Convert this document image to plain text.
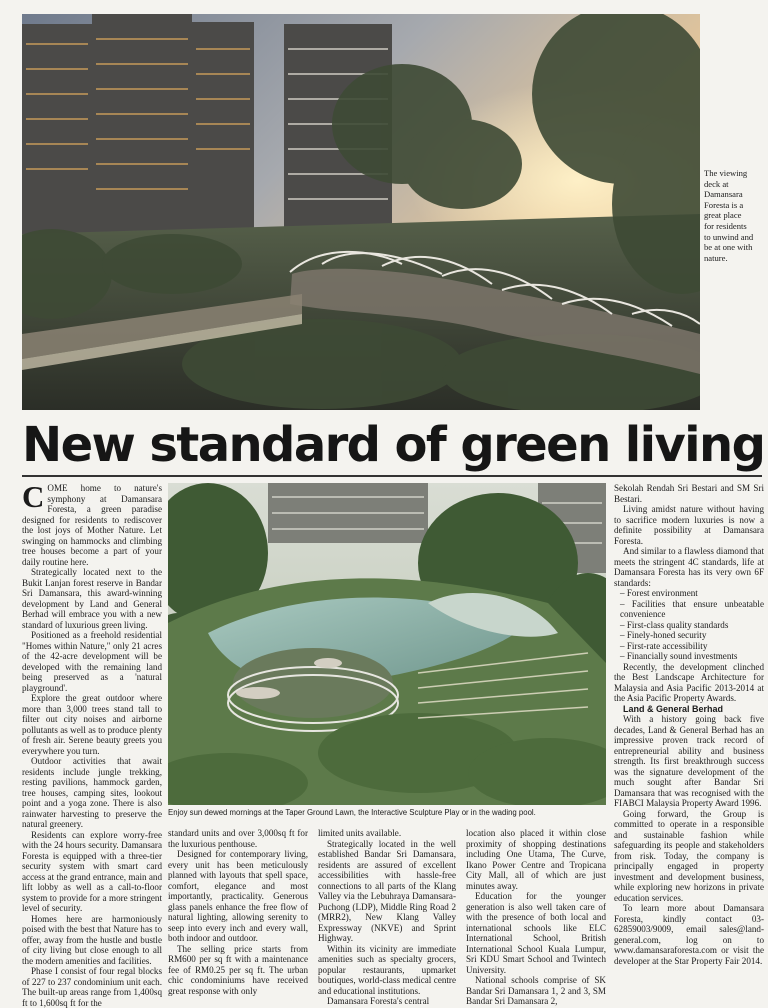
The viewing
deck at
Damansara
Foresta is a
great place
for residents
to unwind and
be at one with
nature.
New standard of green living

COME home to nature's symphony at Damansara Foresta, a green paradise designed for residents to rediscover the lost joys of Mother Nature. Let swinging on hammocks and climbing tree houses become a part of your daily routine here.

Strategically located next to the Bukit Lanjan forest reserve in Bandar Sri Damansara, this award-winning development by Land and General Berhad will embrace you with a new standard of luxurious green living.

Positioned as a freehold residential "Homes within Nature," only 21 acres of the 42-acre development will be developed with the remaining land being preserved as a 'natural playground'.

Explore the great outdoor where more than 3,000 trees stand tall to filter out city noises and airborne pollutants as well as to produce plenty of fresh air. Serene beauty greets you everywhere you turn.

Outdoor activities that await residents include jungle trekking, resting pavilions, hammock garden, tree houses, camping sites, lookout point and a yoga zone. There is also rainwater harvesting to preserve the natural greenery.

Residents can explore worry-free with the 24 hours security. Damansara Foresta is equipped with a three-tier security system with smart card access at the grand entrance, main and lift lobby as well as a call-to-floor system to provide for a more stringent level of security.

Homes here are harmoniously poised with the best that Nature has to offer, away from the hustle and bustle of city living but close enough to all the modern amenities and facilities.

Phase I consist of four regal blocks of 227 to 237 condominium unit each. The built-up areas range from 1,400sq ft to 1,600sq ft for the

Enjoy sun dewed mornings at the Taper Ground Lawn, the Interactive Sculpture Play or in the wading pool.

standard units and over 3,000sq ft for the luxurious penthouse.

Designed for contemporary living, every unit has been meticulously planned with layouts that spell space, comfort, elegance and most importantly, practicality. Generous glass panels enhance the free flow of natural lighting, allowing serenity to seep into every inch and every wall, both indoor and outdoor.

The selling price starts from RM600 per sq ft with a maintenance fee of RM0.25 per sq ft. The urban chic condominiums have received great response with only

limited units available.

Strategically located in the well established Bandar Sri Damansara, residents are assured of excellent accessibilities with hassle-free connections to all parts of the Klang Valley via the Lebuhraya Damansara-Puchong (LDP), Middle Ring Road 2 (MRR2), New Klang Valley Expressway (NKVE) and Sprint Highway.

Within its vicinity are immediate amenities such as specialty grocers, popular restaurants, upmarket boutiques, world-class medical centre and educational institutions.

Damansara Foresta's central

location also placed it within close proximity of shopping destinations including One Utama, The Curve, Ikano Power Centre and Tropicana City Mall, all of which are just minutes away.

Education for the younger generation is also well taken care of with the presence of both local and international schools like ELC International School, British International School Kuala Lumpur, Sri KDU Smart School and Twintech University.

National schools comprise of SK Bandar Sri Damansara 1, 2 and 3, SM Bandar Sri Damansara 2,

Sekolah Rendah Sri Bestari and SM Sri Bestari.

Living amidst nature without having to sacrifice modern luxuries is now a definite possibility at Damansara Foresta.

And similar to a flawless diamond that meets the stringent 4C standards, life at Damansara Foresta has its very own 6F standards:

– Forest environment
– Facilities that ensure unbeatable convenience
– First-class quality standards
– Finely-honed security
– First-rate accessibility
– Financially sound investments

Recently, the development clinched the Best Landscape Architecture for Malaysia and Asia Pacific 2013-2014 at the Asia Pacific Property Awards.

Land & General Berhad

With a history going back five decades, Land & General Berhad has an impressive proven track record of entrepreneurial ability and business strength. Its first breakthrough success was the signature development of the much sought after Bandar Sri Damansara that was recognised with the FIABCI Malaysia Property Award 1996.

Going forward, the Group is committed to operate in a responsible and sustainable fashion while safeguarding its people and stakeholders from risk. Today, the company is principally engaged in property investment and development business, while exploring new horizons in private education services.

To learn more about Damansara Foresta, kindly contact 03-62859003/9009, email sales@land-general.com, log on to www.damansaraforesta.com or visit the developer at the Star Property Fair 2014.
